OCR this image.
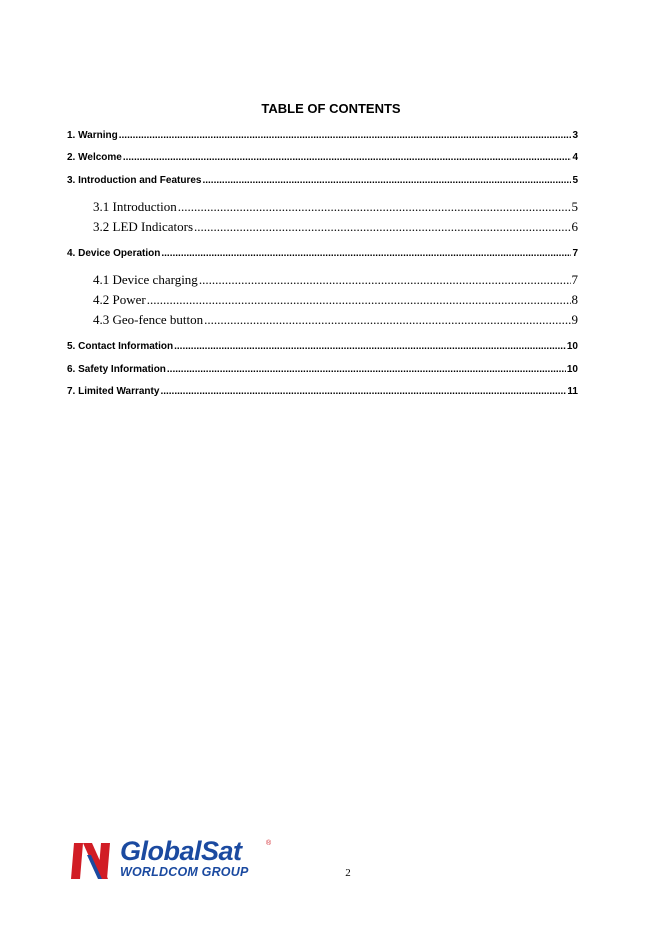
TABLE OF CONTENTS
1. Warning .....	3
2. Welcome .....	4
3. Introduction and Features .....	5
3.1 Introduction .....	5
3.2 LED Indicators .....	6
4. Device Operation .....	7
4.1 Device charging .....	7
4.2 Power .....	8
4.3 Geo-fence button .....	9
5. Contact Information .....	10
6. Safety Information .....	10
7. Limited Warranty .....	11
GlobalSat	®
WORLDCOM GROUP	2
